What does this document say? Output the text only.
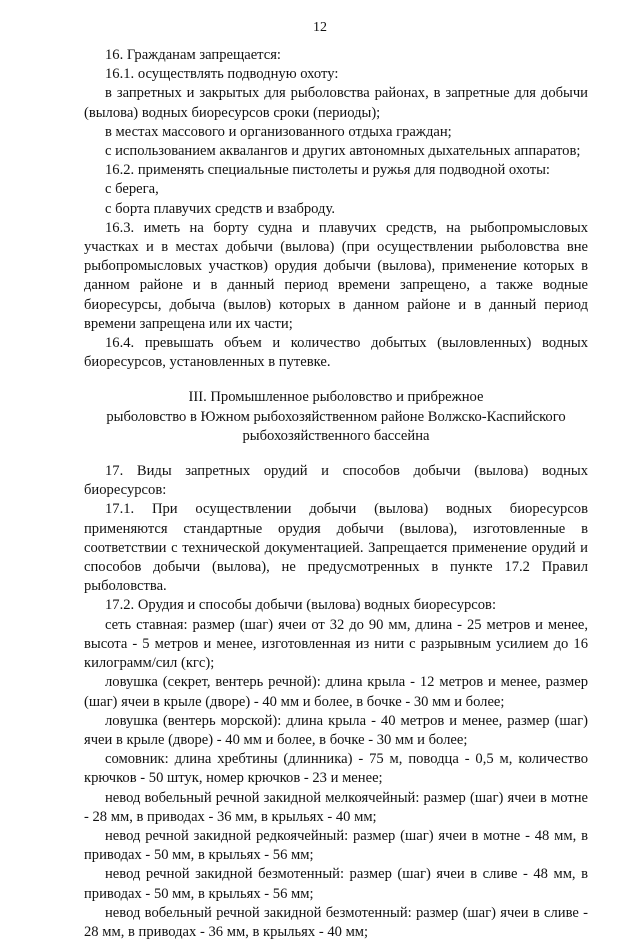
12

16. Гражданам запрещается:

16.1. осуществлять подводную охоту:

в запретных и закрытых для рыболовства районах, в запретные для добычи (вылова) водных биоресурсов сроки (периоды);

в местах массового и организованного отдыха граждан;

с использованием аквалангов и других автономных дыхательных аппаратов;

16.2. применять специальные пистолеты и ружья для подводной охоты:

с берега,

с борта плавучих средств и взаброду.

16.3. иметь на борту судна и плавучих средств, на рыбопромысловых участках и в местах добычи (вылова) (при осуществлении рыболовства вне рыбопромысловых участков) орудия добычи (вылова), применение которых в данном районе и в данный период времени запрещено, а также водные биоресурсы, добыча (вылов) которых в данном районе и в данный период времени запрещена или их части;

16.4. превышать объем и количество добытых (выловленных) водных биоресурсов, установленных в путевке.

III. Промышленное рыболовство и прибрежное
рыболовство в Южном рыбохозяйственном районе Волжско-Каспийского
рыбохозяйственного бассейна

17. Виды запретных орудий и способов добычи (вылова) водных биоресурсов:

17.1. При осуществлении добычи (вылова) водных биоресурсов применяются стандартные орудия добычи (вылова), изготовленные в соответствии с технической документацией. Запрещается применение орудий и способов добычи (вылова), не предусмотренных в пункте 17.2 Правил рыболовства.

17.2. Орудия и способы добычи (вылова) водных биоресурсов:

сеть ставная: размер (шаг) ячеи от 32 до 90 мм, длина - 25 метров и менее, высота - 5 метров и менее, изготовленная из нити с разрывным усилием до 16 килограмм/сил (кгс);

ловушка (секрет, вентерь речной): длина крыла - 12 метров и менее, размер (шаг) ячеи в крыле (дворе) - 40 мм и более, в бочке - 30 мм и более;

ловушка (вентерь морской): длина крыла - 40 метров и менее, размер (шаг) ячеи в крыле (дворе) - 40 мм и более, в бочке - 30 мм и более;

сомовник: длина хребтины (длинника) - 75 м, поводца - 0,5 м, количество крючков - 50 штук, номер крючков - 23 и менее;

невод вобельный речной закидной мелкоячейный: размер (шаг) ячеи в мотне - 28 мм, в приводах - 36 мм, в крыльях - 40 мм;

невод речной закидной редкоячейный: размер (шаг) ячеи в мотне - 48 мм, в приводах - 50 мм, в крыльях - 56 мм;

невод речной закидной безмотенный: размер (шаг) ячеи в сливе - 48 мм, в приводах - 50 мм, в крыльях - 56 мм;

невод вобельный речной закидной безмотенный: размер (шаг) ячеи в сливе - 28 мм, в приводах - 36 мм, в крыльях - 40 мм;
